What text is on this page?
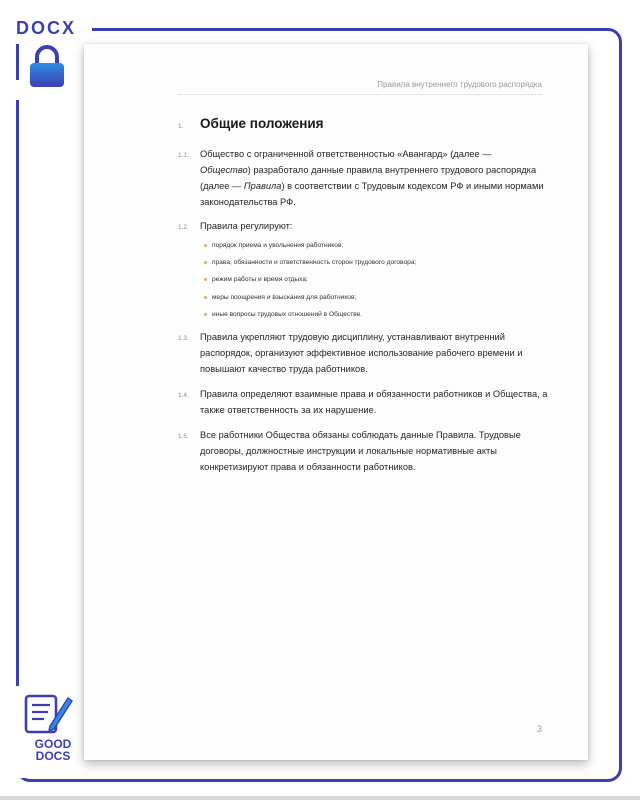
DOCX
Правила внутреннего трудового распорядка
1. Общие положения
1.1. Общество с ограниченной ответственностью «Авангард» (далее —
Общество) разработало данные правила внутреннего трудового распорядка (далее — Правила) в соответствии с Трудовым кодексом РФ и иными нормами законодательства РФ.
1.2. Правила регулируют:
порядок приема и увольнения работников;
права, обязанности и ответственность сторон трудового договора;
режим работы и время отдыха;
меры поощрения и взыскания для работников;
иные вопросы трудовых отношений в Обществе.
1.3. Правила укрепляют трудовую дисциплину, устанавливают внутренний распорядок, организуют эффективное использование рабочего времени и повышают качество труда работников.
1.4. Правила определяют взаимные права и обязанности работников и Общества, а также ответственность за их нарушение.
1.5. Все работники Общества обязаны соблюдать данные Правила. Трудовые договоры, должностные инструкции и локальные нормативные акты конкретизируют права и обязанности работников.
3
GOOD
DOCS
